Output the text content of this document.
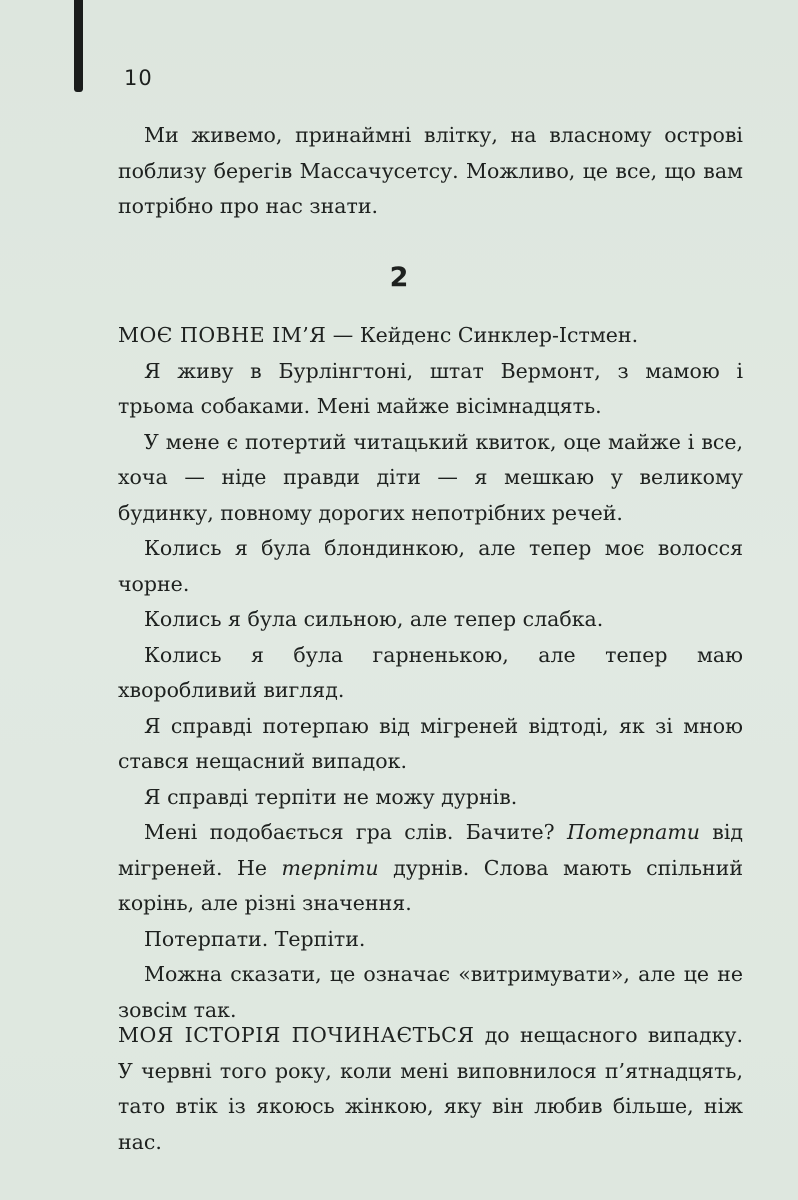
10

Ми живемо, принаймні влітку, на власному острові поблизу берегів Массачусетсу. Можливо, це все, що вам потрібно про нас знати.

2

МОЄ ПОВНЕ ІМ’Я — Кейденс Синклер-Істмен.

Я живу в Бурлінгтоні, штат Вермонт, з мамою і трьома собаками. Мені майже вісімнадцять.

У мене є потертий читацький квиток, оце майже і все, хоча — ніде правди діти — я мешкаю у великому будинку, повному дорогих непотрібних речей.

Колись я була блондинкою, але тепер моє волосся чорне.

Колись я була сильною, але тепер слабка.

Колись я була гарненькою, але тепер маю хворобливий вигляд.

Я справді потерпаю від мігреней відтоді, як зі мною стався нещасний випадок.

Я справді терпіти не можу дурнів.

Мені подобається гра слів. Бачите? Потерпати від мігреней. Не терпіти дурнів. Слова мають спільний корінь, але різні значення.

Потерпати. Терпіти.

Можна сказати, це означає «витримувати», але це не зовсім так.

МОЯ ІСТОРІЯ ПОЧИНАЄТЬСЯ до нещасного випадку. У червні того року, коли мені виповнилося п’ятнадцять, тато втік із якоюсь жінкою, яку він любив більше, ніж нас.
